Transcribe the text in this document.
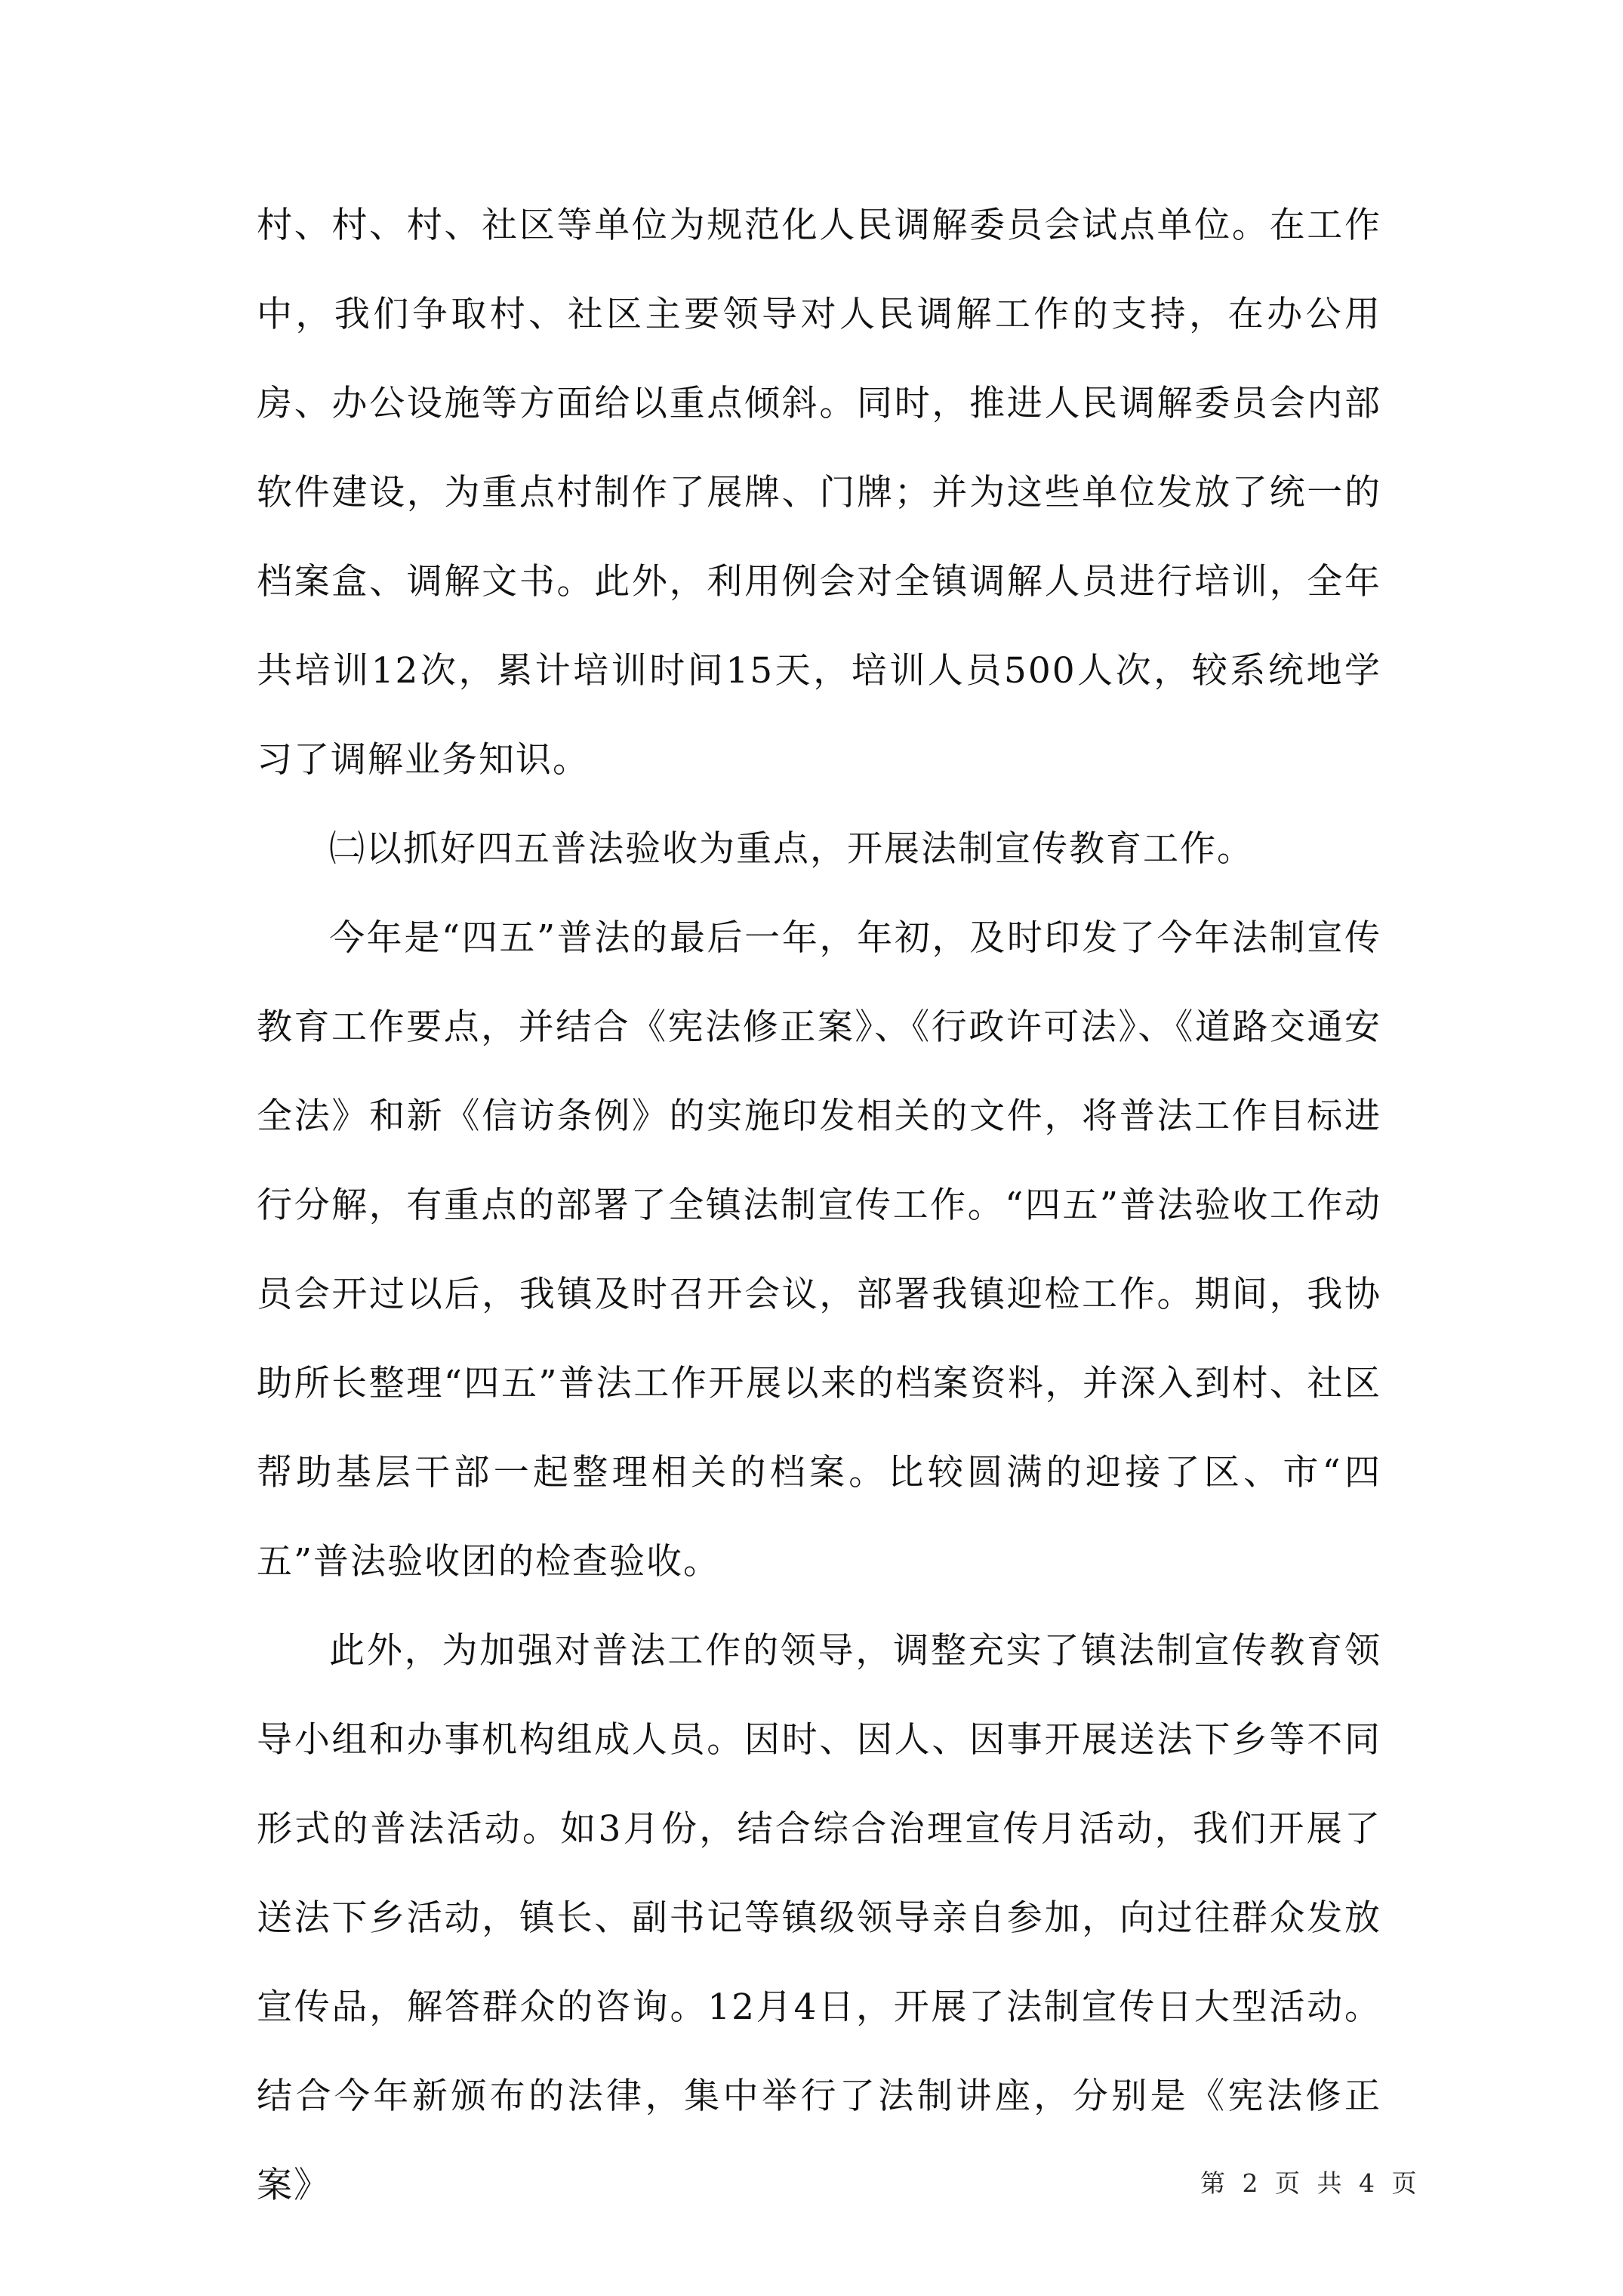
村、村、村、社区等单位为规范化人民调解委员会试点单位。在工作中，我们争取村、社区主要领导对人民调解工作的支持，在办公用房、办公设施等方面给以重点倾斜。同时，推进人民调解委员会内部软件建设，为重点村制作了展牌、门牌；并为这些单位发放了统一的档案盒、调解文书。此外，利用例会对全镇调解人员进行培训，全年共培训12次，累计培训时间15天，培训人员500人次，较系统地学习了调解业务知识。

㈡以抓好四五普法验收为重点，开展法制宣传教育工作。

今年是“四五”普法的最后一年，年初，及时印发了今年法制宣传教育工作要点，并结合《宪法修正案》、《行政许可法》、《道路交通安全法》和新《信访条例》的实施印发相关的文件，将普法工作目标进行分解，有重点的部署了全镇法制宣传工作。“四五”普法验收工作动员会开过以后，我镇及时召开会议，部署我镇迎检工作。期间，我协助所长整理“四五”普法工作开展以来的档案资料，并深入到村、社区帮助基层干部一起整理相关的档案。比较圆满的迎接了区、市“四五”普法验收团的检查验收。

此外，为加强对普法工作的领导，调整充实了镇法制宣传教育领导小组和办事机构组成人员。因时、因人、因事开展送法下乡等不同形式的普法活动。如3月份，结合综合治理宣传月活动，我们开展了送法下乡活动，镇长、副书记等镇级领导亲自参加，向过往群众发放宣传品，解答群众的咨询。12月4日，开展了法制宣传日大型活动。结合今年新颁布的法律，集中举行了法制讲座，分别是《宪法修正案》	第 2 页 共 4 页
